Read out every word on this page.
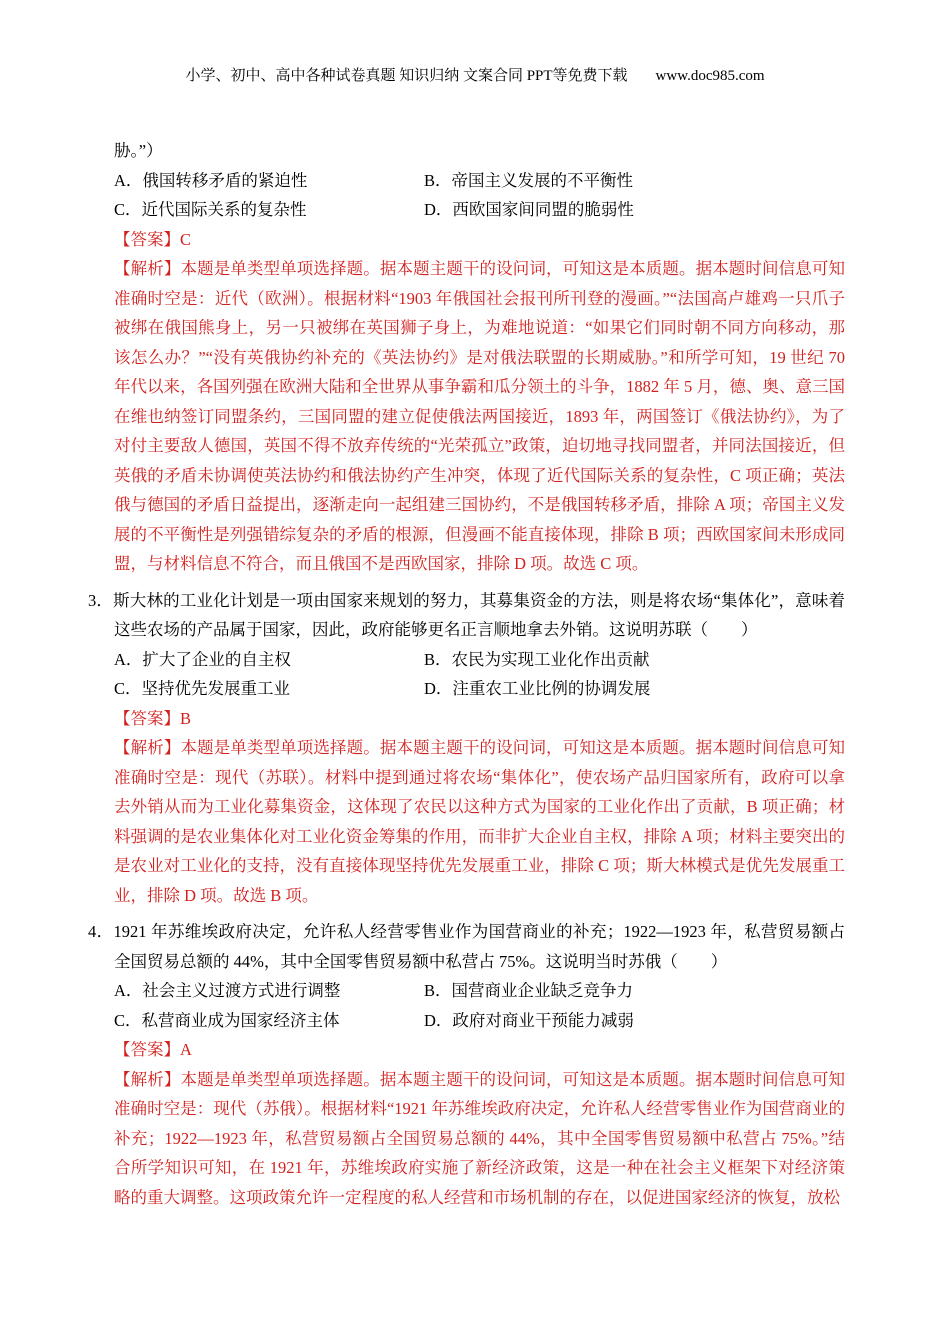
小学、初中、高中各种试卷真题 知识归纳 文案合同 PPT等免费下载 www.doc985.com

胁。”）

A．俄国转移矛盾的紧迫性	B．帝国主义发展的不平衡性
C．近代国际关系的复杂性	D．西欧国家间同盟的脆弱性

【答案】C

【解析】本题是单类型单项选择题。据本题主题干的设问词，可知这是本质题。据本题时间信息可知准确时空是：近代（欧洲）。根据材料“1903 年俄国社会报刊所刊登的漫画。”“法国高卢雄鸡一只爪子被绑在俄国熊身上，另一只被绑在英国狮子身上，为难地说道：“如果它们同时朝不同方向移动，那该怎么办？”“没有英俄协约补充的《英法协约》是对俄法联盟的长期威胁。”和所学可知，19 世纪 70 年代以来，各国列强在欧洲大陆和全世界从事争霸和瓜分领土的斗争，1882 年 5 月，德、奥、意三国在维也纳签订同盟条约，三国同盟的建立促使俄法两国接近，1893 年，两国签订《俄法协约》，为了对付主要敌人德国，英国不得不放弃传统的“光荣孤立”政策，迫切地寻找同盟者，并同法国接近，但英俄的矛盾未协调使英法协约和俄法协约产生冲突，体现了近代国际关系的复杂性，C 项正确；英法俄与德国的矛盾日益提出，逐渐走向一起组建三国协约，不是俄国转移矛盾，排除 A 项；帝国主义发展的不平衡性是列强错综复杂的矛盾的根源，但漫画不能直接体现，排除 B 项；西欧国家间未形成同盟，与材料信息不符合，而且俄国不是西欧国家，排除 D 项。故选 C 项。

3．斯大林的工业化计划是一项由国家来规划的努力，其募集资金的方法，则是将农场“集体化”，意味着这些农场的产品属于国家，因此，政府能够更名正言顺地拿去外销。这说明苏联（　　）

A．扩大了企业的自主权	B．农民为实现工业化作出贡献
C．坚持优先发展重工业	D．注重农工业比例的协调发展

【答案】B

【解析】本题是单类型单项选择题。据本题主题干的设问词，可知这是本质题。据本题时间信息可知准确时空是：现代（苏联）。材料中提到通过将农场“集体化”，使农场产品归国家所有，政府可以拿去外销从而为工业化募集资金，这体现了农民以这种方式为国家的工业化作出了贡献，B 项正确；材料强调的是农业集体化对工业化资金筹集的作用，而非扩大企业自主权，排除 A 项；材料主要突出的是农业对工业化的支持，没有直接体现坚持优先发展重工业，排除 C 项；斯大林模式是优先发展重工业，排除 D 项。故选 B 项。

4．1921 年苏维埃政府决定，允许私人经营零售业作为国营商业的补充；1922—1923 年，私营贸易额占全国贸易总额的 44%，其中全国零售贸易额中私营占 75%。这说明当时苏俄（　　）

A．社会主义过渡方式进行调整	B．国营商业企业缺乏竞争力
C．私营商业成为国家经济主体	D．政府对商业干预能力减弱

【答案】A

【解析】本题是单类型单项选择题。据本题主题干的设问词，可知这是本质题。据本题时间信息可知准确时空是：现代（苏俄）。根据材料“1921 年苏维埃政府决定，允许私人经营零售业作为国营商业的补充；1922—1923 年，私营贸易额占全国贸易总额的 44%，其中全国零售贸易额中私营占 75%。”结合所学知识可知，在 1921 年，苏维埃政府实施了新经济政策，这是一种在社会主义框架下对经济策略的重大调整。这项政策允许一定程度的私人经营和市场机制的存在，以促进国家经济的恢复，放松
